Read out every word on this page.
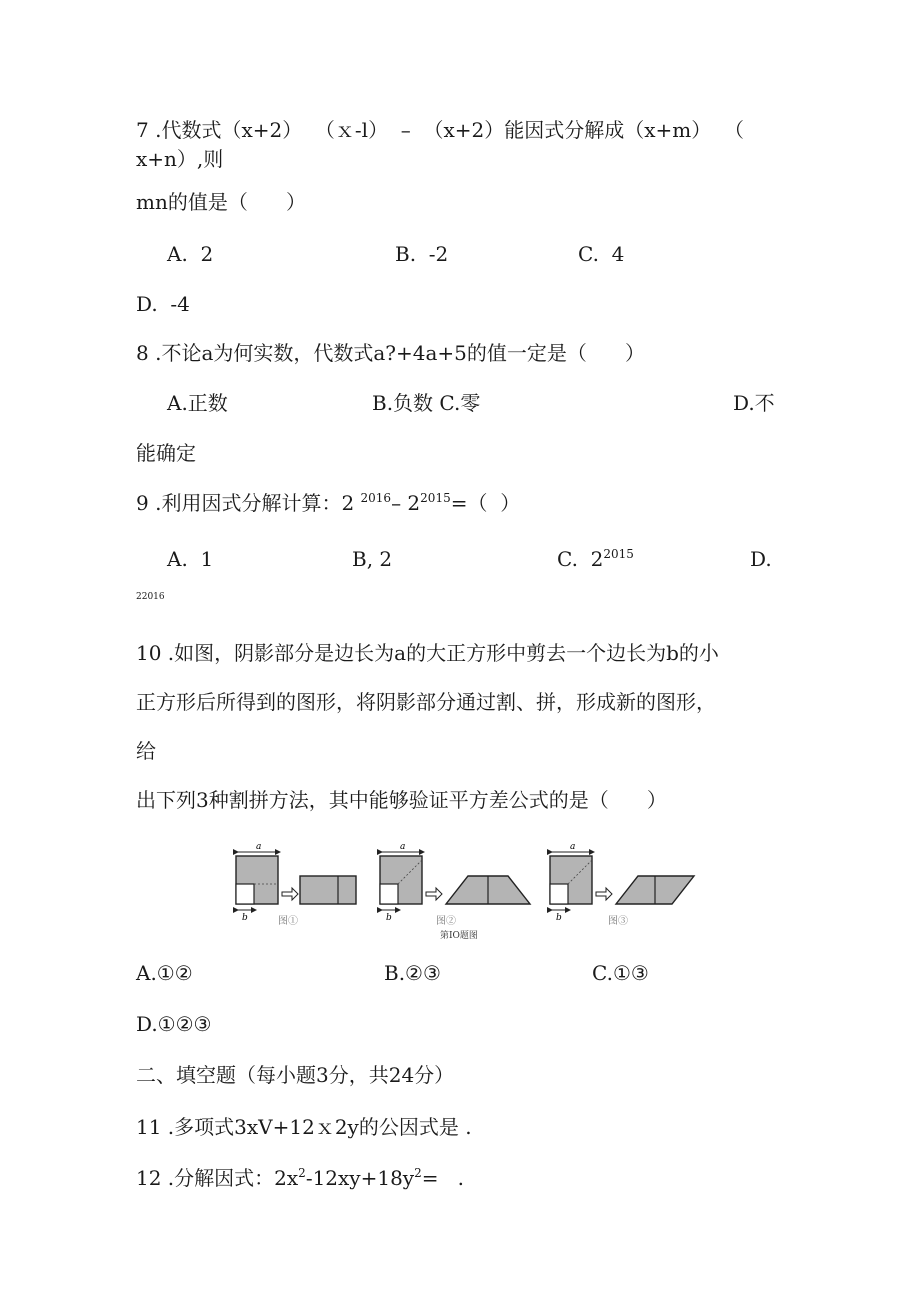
7 .代数式（x+2）  （ｘ-l）  –  （x+2）能因式分解成（x+m）  （
x+n）,则
mn的值是（      ）
A.  2	B.  -2	C.  4
D.  -4
8 .不论a为何实数，代数式a?+4a+5的值一定是（      ）
A.正数	B.负数 C.零	D.不
能确定
9 .利用因式分解计算：2 $^{2016}$– $2^{2015}=$（  ）
A.  1	B, 2	C.  $2^{2015}$	D.
22016
10 .如图，阴影部分是边长为a的大正方形中剪去一个边长为b的小
正方形后所得到的图形，将阴影部分通过割、拼，形成新的图形，
给
出下列3种割拼方法，其中能够验证平方差公式的是（      ）
a
b	图①
a
b	图②
第IO题图
a
b	图③
A.①②	B.②③	C.①③
D.①②③
二、填空题（每小题3分，共24分）
11 .多项式3xV+12ｘ2y的公因式是 .
12 .分解因式：$2x^2-12xy+18y^2=$   .
